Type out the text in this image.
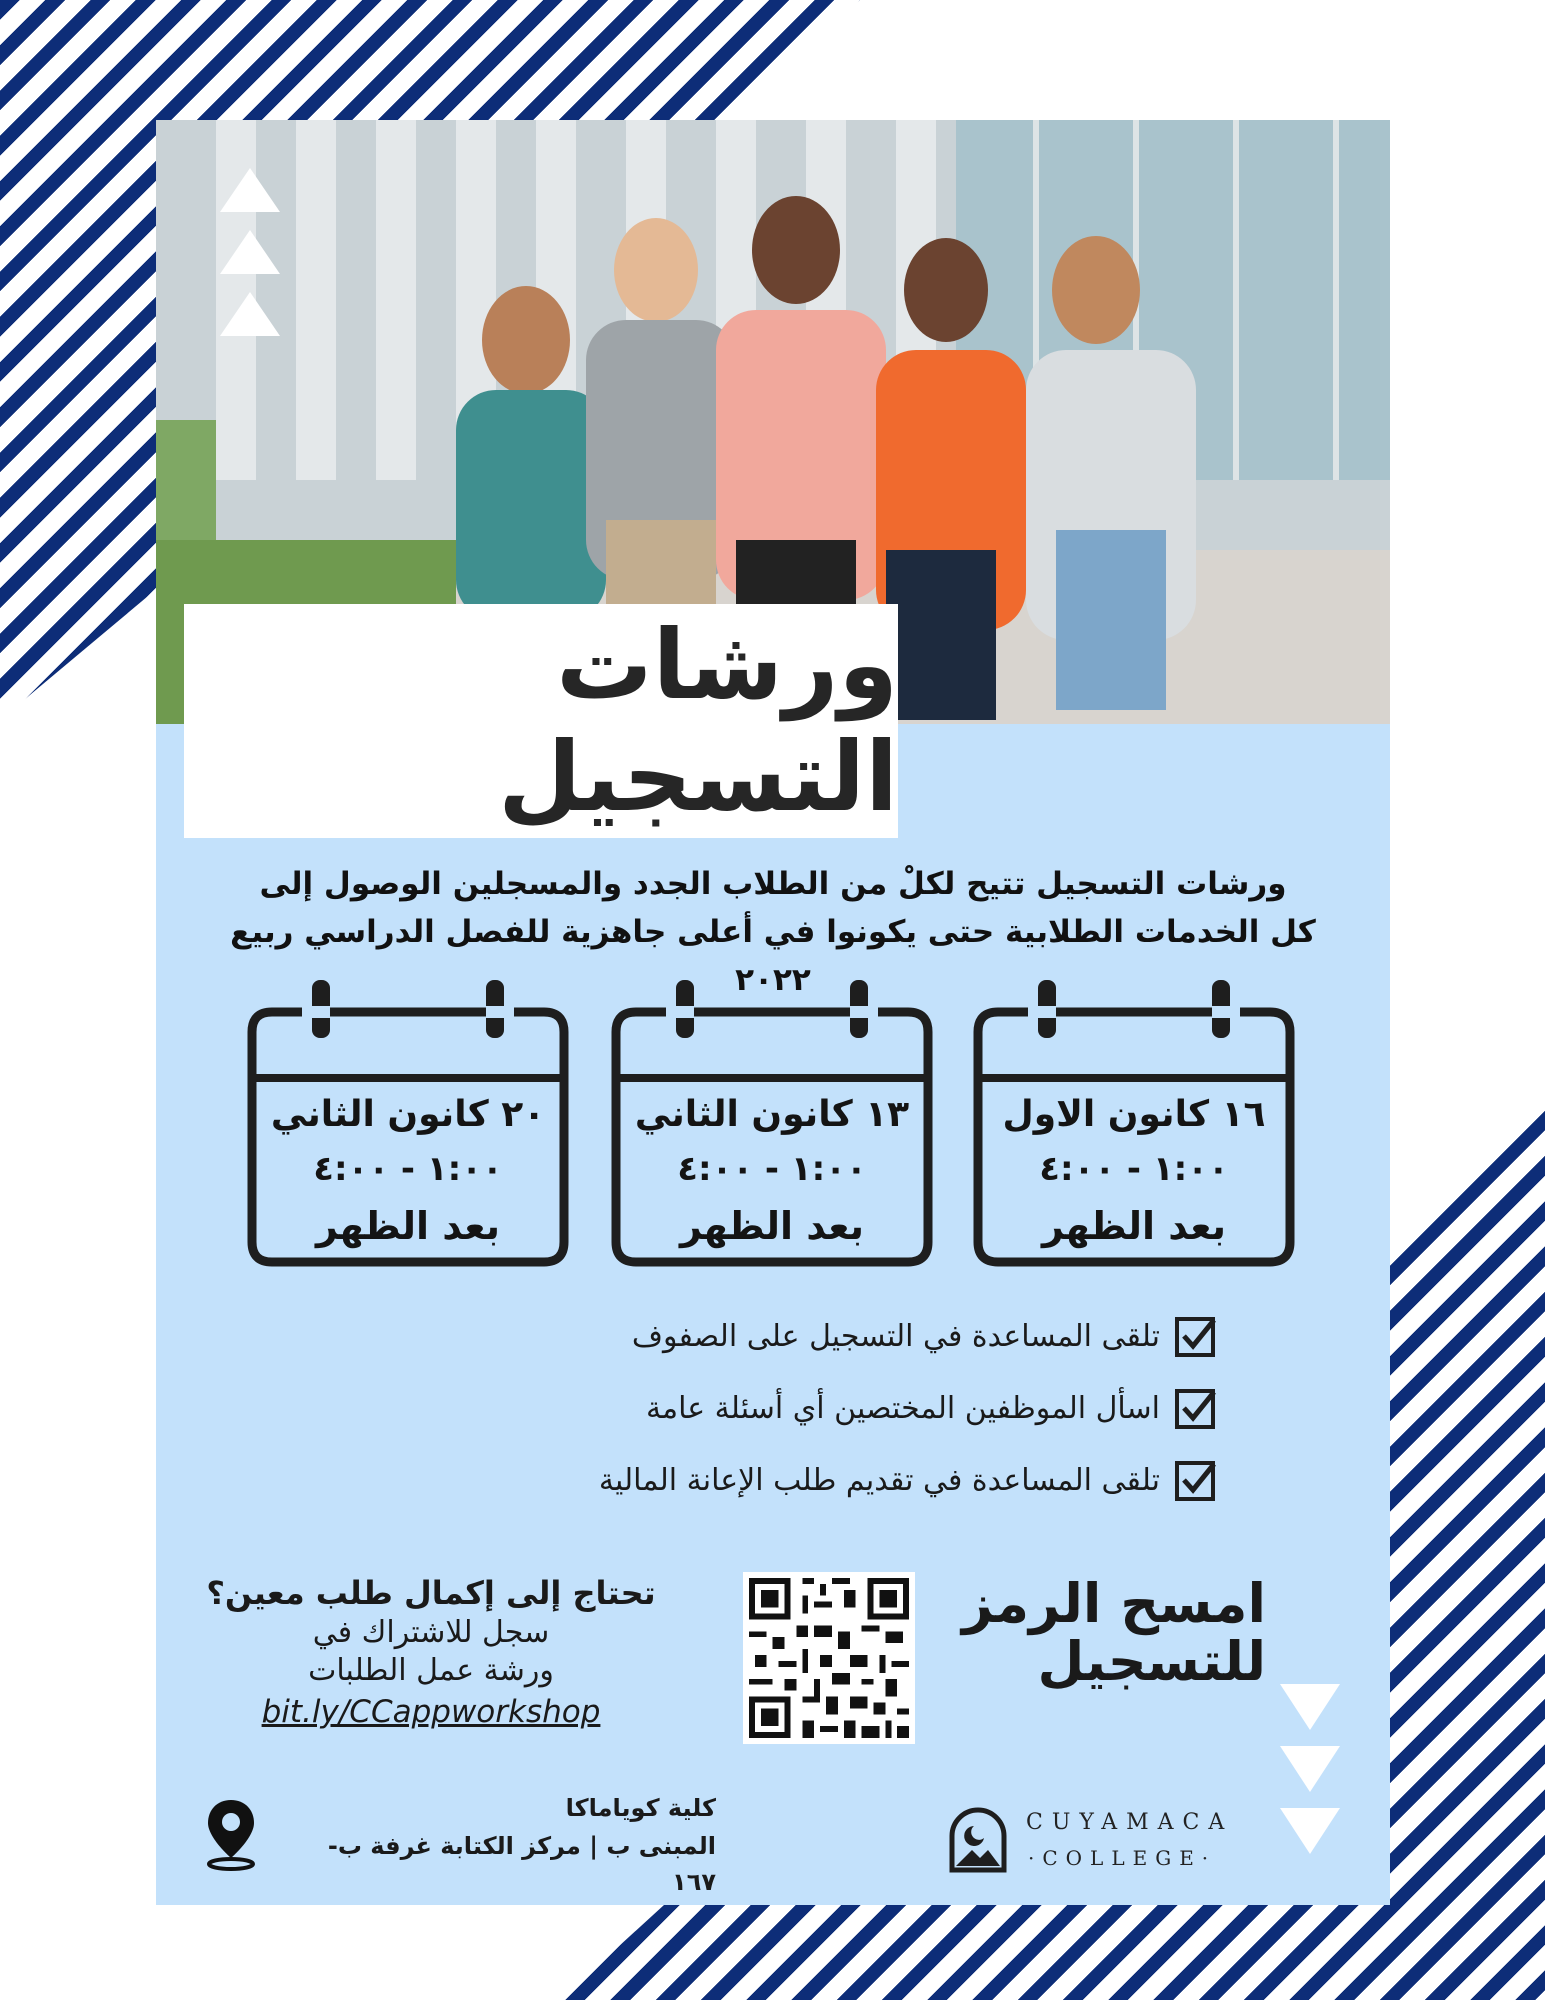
ورشات التسجيل
ورشات التسجيل تتيح لكلْ من الطلاب الجدد والمسجلين الوصول إلى
كل الخدمات الطلابية حتى يكونوا في أعلى جاهزية للفصل الدراسي ربيع ٢٠٢٢
١٦ كانون الاول
١:٠٠ - ٤:٠٠
بعد الظهر
١٣ كانون الثاني
١:٠٠ - ٤:٠٠
بعد الظهر
٢٠ كانون الثاني
١:٠٠ - ٤:٠٠
بعد الظهر
تلقى المساعدة في التسجيل على الصفوف
اسأل الموظفين المختصين أي أسئلة عامة
تلقى المساعدة في تقديم طلب الإعانة المالية
امسح الرمز
للتسجيل
تحتاج إلى إكمال طلب معين؟
سجل للاشتراك في
ورشة عمل الطلبات
bit.ly/CCappworkshop
كلية كوياماكا
المبنى ب | مركز الكتابة غرفة ب- ١٦٧
CUYAMACA
·COLLEGE·
